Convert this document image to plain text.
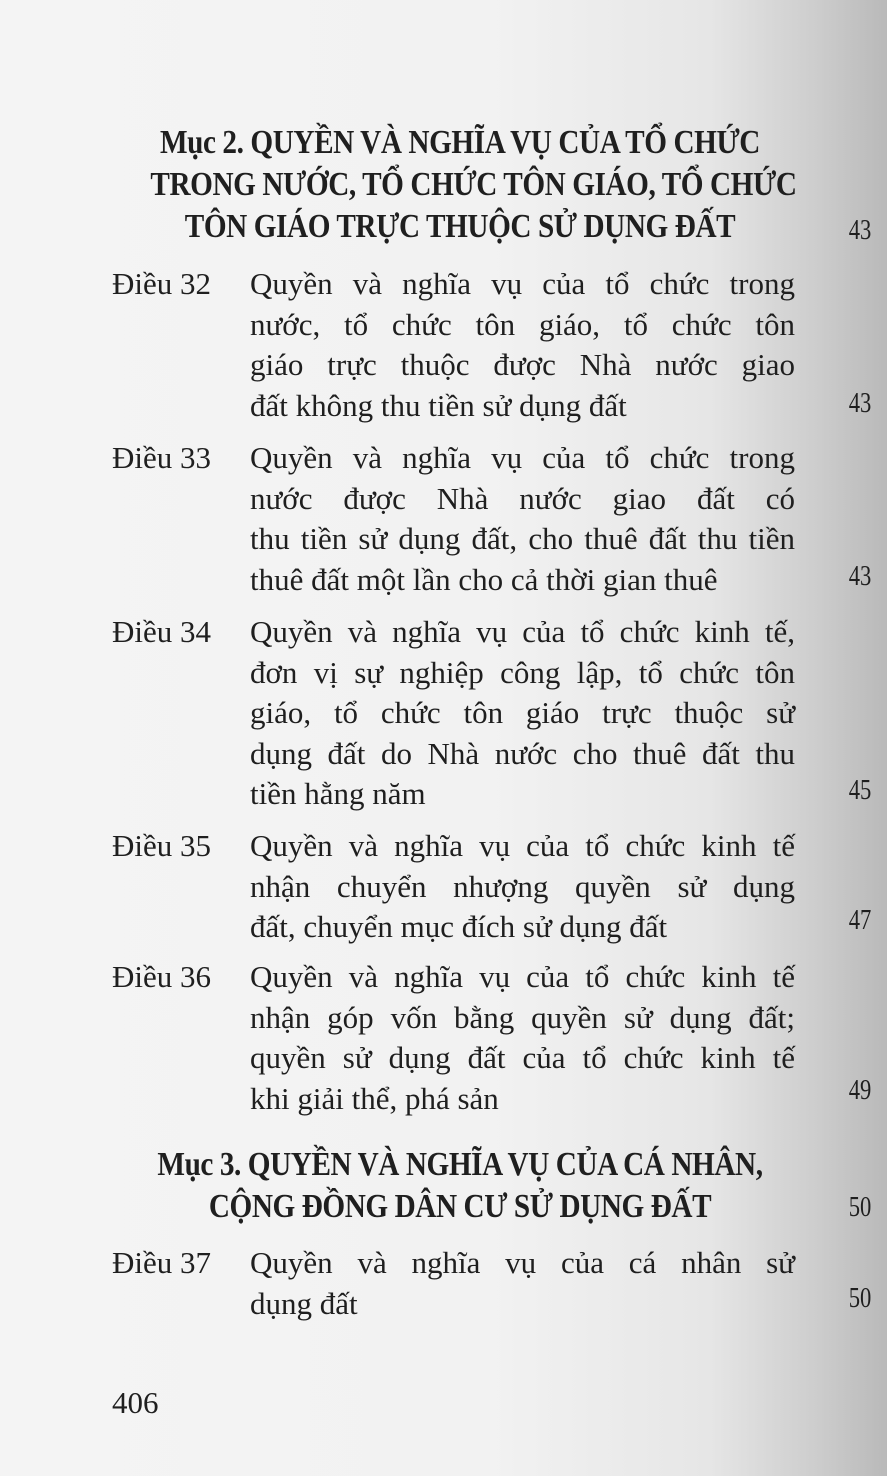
Mục 2. QUYỀN VÀ NGHĨA VỤ CỦA TỔ CHỨC
TRONG NƯỚC, TỔ CHỨC TÔN GIÁO, TỔ CHỨC
TÔN GIÁO TRỰC THUỘC SỬ DỤNG ĐẤT	43
Điều 32 Quyền và nghĩa vụ của tổ chức trong
nước, tổ chức tôn giáo, tổ chức tôn
giáo trực thuộc được Nhà nước giao
đất không thu tiền sử dụng đất	43
Điều 33 Quyền và nghĩa vụ của tổ chức trong
nước được Nhà nước giao đất có
thu tiền sử dụng đất, cho thuê đất thu tiền
thuê đất một lần cho cả thời gian thuê	43
Điều 34 Quyền và nghĩa vụ của tổ chức kinh tế,
đơn vị sự nghiệp công lập, tổ chức tôn
giáo, tổ chức tôn giáo trực thuộc sử
dụng đất do Nhà nước cho thuê đất thu
tiền hằng năm	45
Điều 35 Quyền và nghĩa vụ của tổ chức kinh tế
nhận chuyển nhượng quyền sử dụng
đất, chuyển mục đích sử dụng đất	47
Điều 36 Quyền và nghĩa vụ của tổ chức kinh tế
nhận góp vốn bằng quyền sử dụng đất;
quyền sử dụng đất của tổ chức kinh tế
khi giải thể, phá sản	49
Mục 3. QUYỀN VÀ NGHĨA VỤ CỦA CÁ NHÂN,
CỘNG ĐỒNG DÂN CƯ SỬ DỤNG ĐẤT	50
Điều 37 Quyền và nghĩa vụ của cá nhân sử
dụng đất	50
406
